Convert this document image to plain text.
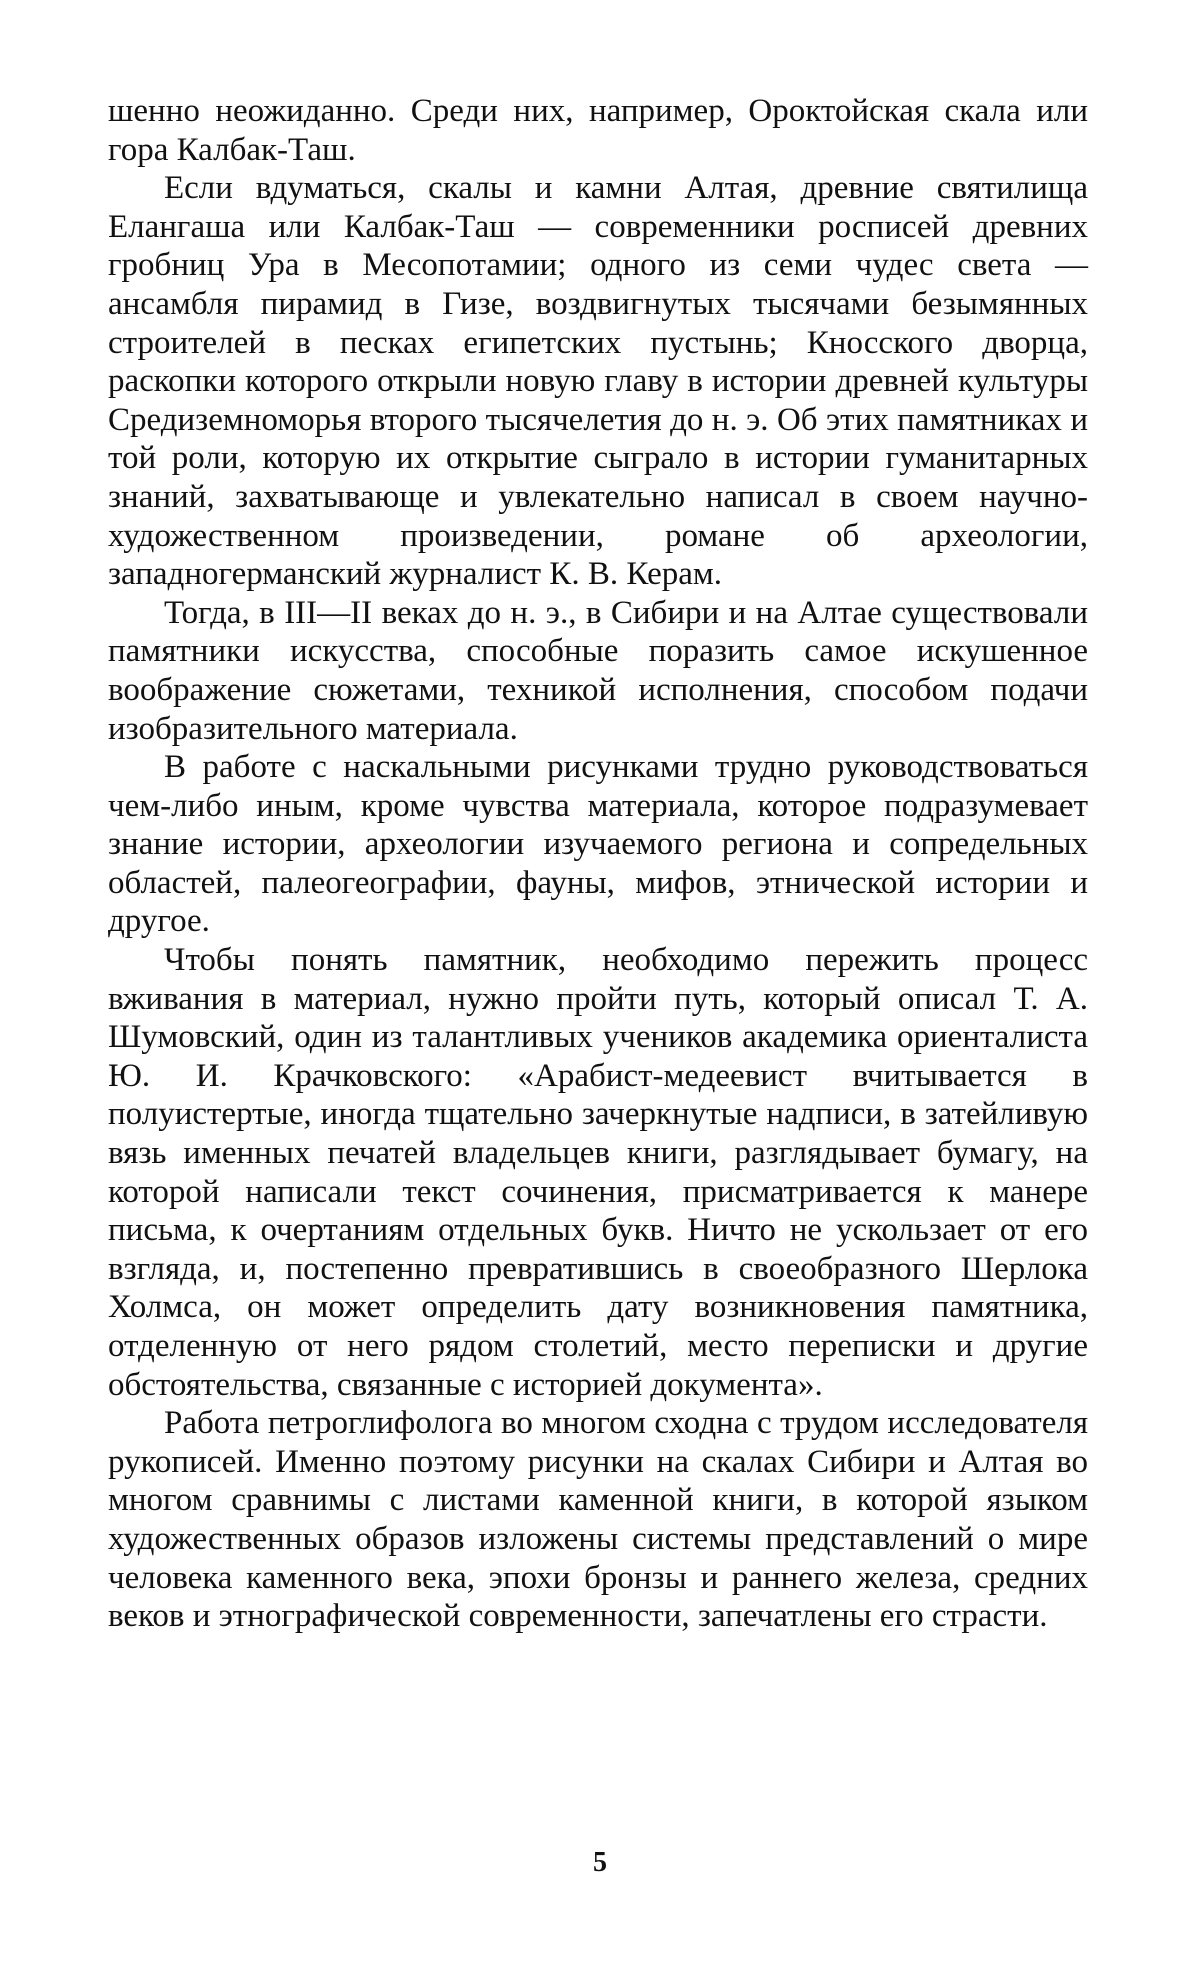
шенно неожиданно. Среди них, например, Ороктойская скала или гора Калбак-Таш.

Если вдуматься, скалы и камни Алтая, древние святилища Елангаша или Калбак-Таш — современники росписей древних гробниц Ура в Месопотамии; одного из семи чудес света — ансамбля пирамид в Гизе, воздвигнутых тысячами безымянных строителей в песках египетских пустынь; Кносского дворца, раскопки которого открыли новую главу в истории древней культуры Средиземноморья второго тысячелетия до н. э. Об этих памятниках и той роли, которую их открытие сыграло в истории гуманитарных знаний, захватывающе и увлекательно написал в своем научно-художественном произведении, романе об археологии, западногерманский журналист К. В. Керам.

Тогда, в III—II веках до н. э., в Сибири и на Алтае существовали памятники искусства, способные поразить самое искушенное воображение сюжетами, техникой исполнения, способом подачи изобразительного материала.

В работе с наскальными рисунками трудно руководствоваться чем-либо иным, кроме чувства материала, которое подразумевает знание истории, археологии изучаемого региона и сопредельных областей, палеогеографии, фауны, мифов, этнической истории и другое.

Чтобы понять памятник, необходимо пережить процесс вживания в материал, нужно пройти путь, который описал Т. А. Шумовский, один из талантливых учеников академика ориенталиста Ю. И. Крачковского: «Арабист-медеевист вчитывается в полуистертые, иногда тщательно зачеркнутые надписи, в затейливую вязь именных печатей владельцев книги, разглядывает бумагу, на которой написали текст сочинения, присматривается к манере письма, к очертаниям отдельных букв. Ничто не ускользает от его взгляда, и, постепенно превратившись в своеобразного Шерлока Холмса, он может определить дату возникновения памятника, отделенную от него рядом столетий, место переписки и другие обстоятельства, связанные с историей документа».

Работа петроглифолога во многом сходна с трудом исследователя рукописей. Именно поэтому рисунки на скалах Сибири и Алтая во многом сравнимы с листами каменной книги, в которой языком художественных образов изложены системы представлений о мире человека каменного века, эпохи бронзы и раннего железа, средних веков и этнографической современности, запечатлены его страсти.

5
